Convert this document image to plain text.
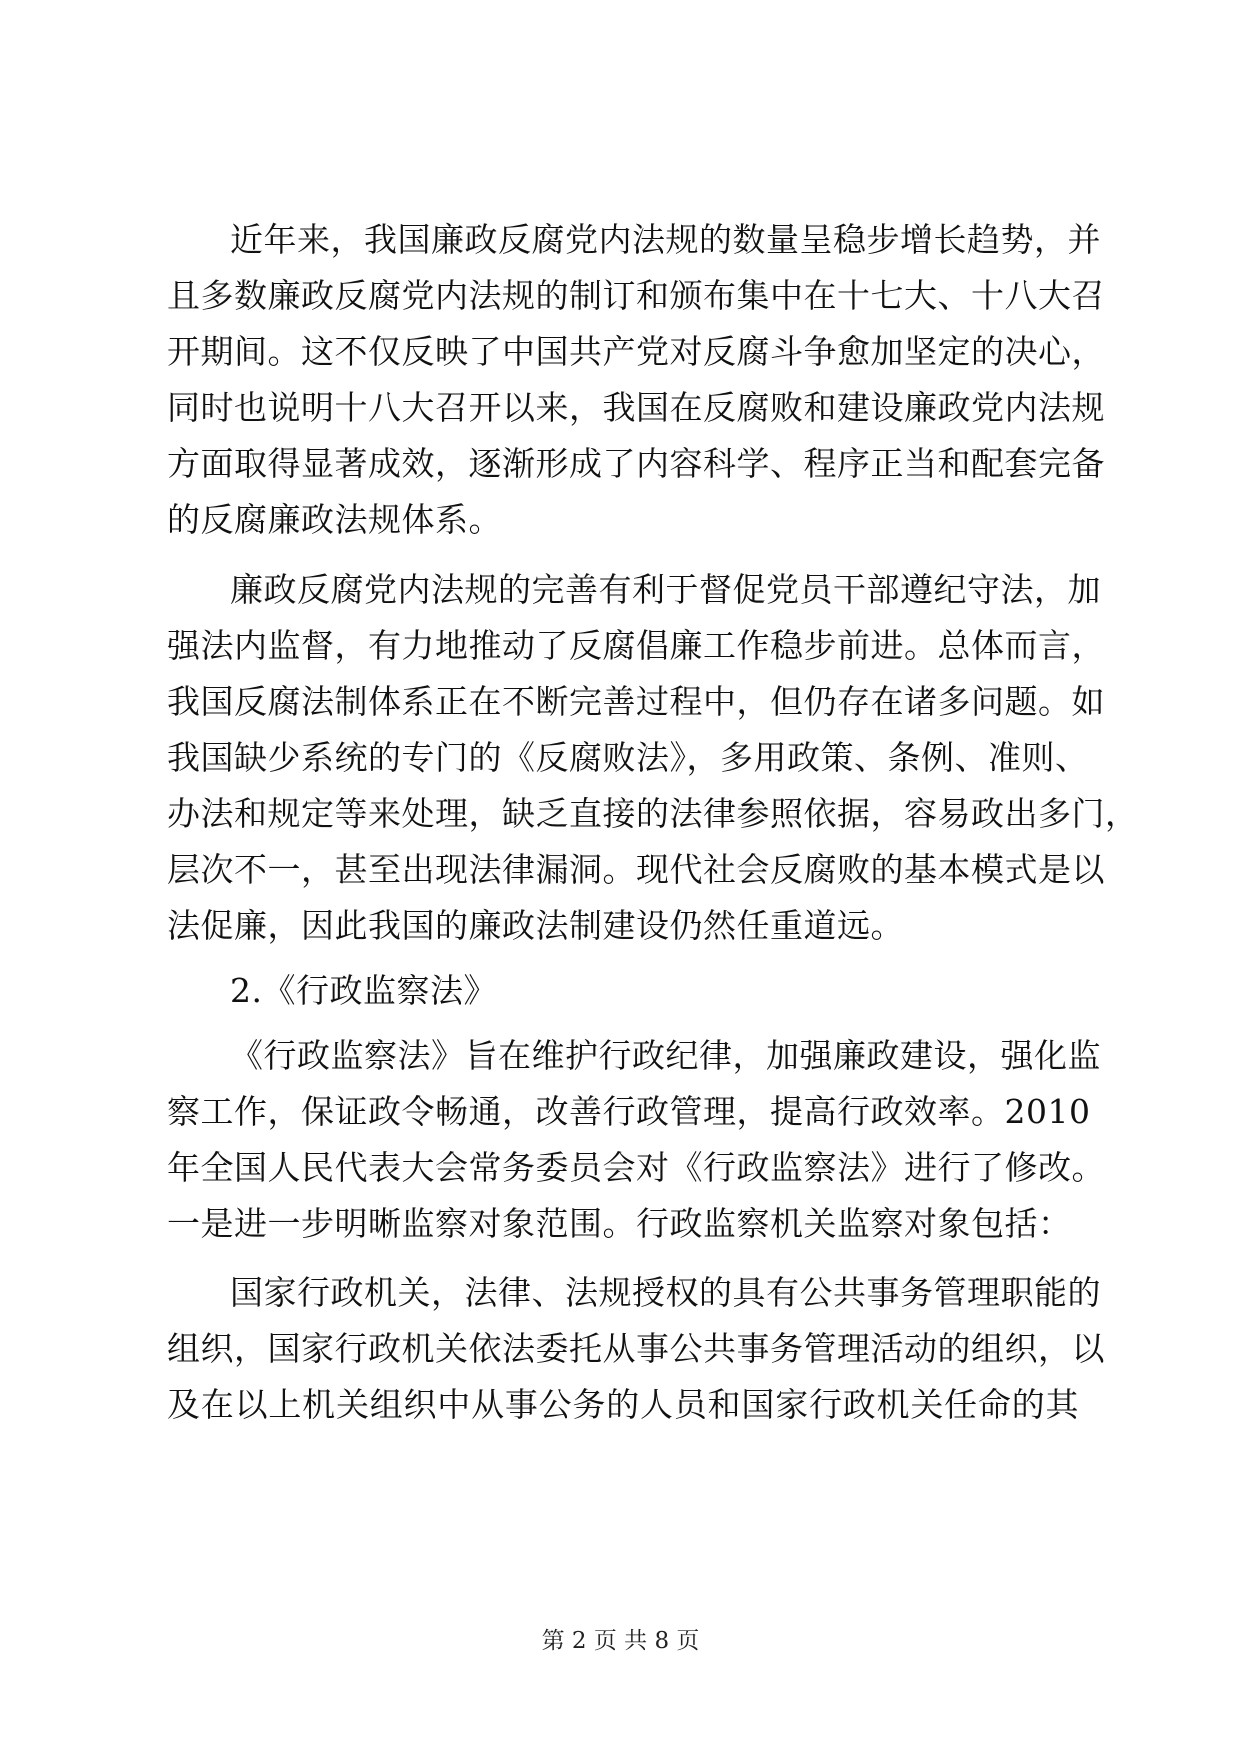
近年来，我国廉政反腐党内法规的数量呈稳步增长趋势，并
且多数廉政反腐党内法规的制订和颁布集中在十七大、十八大召
开期间。这不仅反映了中国共产党对反腐斗争愈加坚定的决心，
同时也说明十八大召开以来，我国在反腐败和建设廉政党内法规
方面取得显著成效，逐渐形成了内容科学、程序正当和配套完备
的反腐廉政法规体系。
廉政反腐党内法规的完善有利于督促党员干部遵纪守法，加
强法内监督，有力地推动了反腐倡廉工作稳步前进。总体而言，
我国反腐法制体系正在不断完善过程中，但仍存在诸多问题。如
我国缺少系统的专门的《反腐败法》，多用政策、条例、准则、
办法和规定等来处理，缺乏直接的法律参照依据，容易政出多门，
层次不一，甚至出现法律漏洞。现代社会反腐败的基本模式是以
法促廉，因此我国的廉政法制建设仍然任重道远。
2.《行政监察法》
《行政监察法》旨在维护行政纪律，加强廉政建设，强化监
察工作，保证政令畅通，改善行政管理，提高行政效率。2010
年全国人民代表大会常务委员会对《行政监察法》进行了修改。
一是进一步明晰监察对象范围。行政监察机关监察对象包括：
国家行政机关，法律、法规授权的具有公共事务管理职能的
组织，国家行政机关依法委托从事公共事务管理活动的组织，以
及在以上机关组织中从事公务的人员和国家行政机关任命的其
第 2 页 共 8 页
